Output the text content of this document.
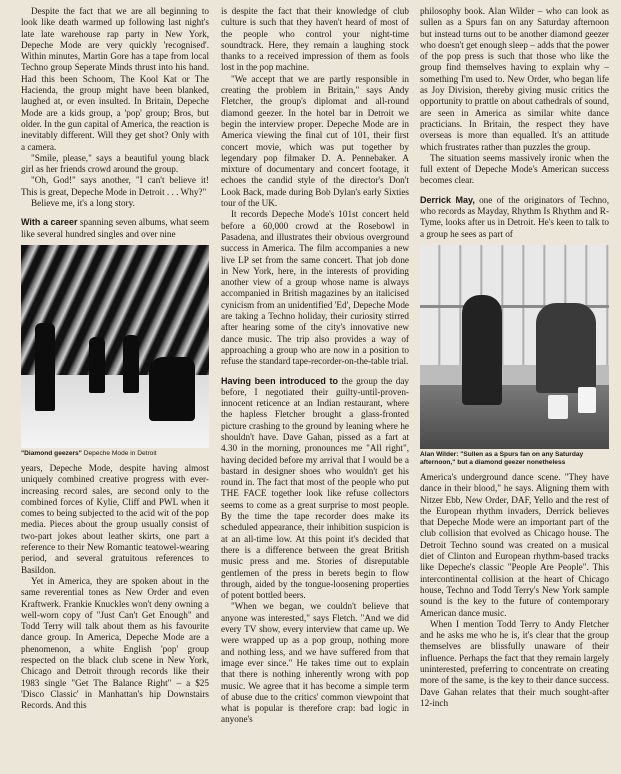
Despite the fact that we are all beginning to look like death warmed up following last night's late late warehouse rap party in New York, Depeche Mode are very quickly 'recognised'. Within minutes, Martin Gore has a tape from local Techno group Seperate Minds thrust into his hand. Had this been Schoom, The Kool Kat or The Hacienda, the group might have been blanked, laughed at, or even insulted. In Britain, Depeche Mode are a kids group, a 'pop' group; Bros, but older. In the gun capital of America, the reaction is inevitably different. Will they get shot? Only with a camera.

"Smile, please," says a beautiful young black girl as her friends crowd around the group.

"Oh, God!" says another, "I can't believe it! This is great, Depeche Mode in Detroit . . . Why?"

Believe me, it's a long story.

With a career spanning seven albums, what seem like several hundred singles and over nine

"Diamond geezers" Depeche Mode in Detroit

years, Depeche Mode, despite having almost uniquely combined creative progress with ever-increasing record sales, are second only to the combined forces of Kylie, Cliff and PWL when it comes to being subjected to the acid wit of the pop media. Pieces about the group usually consist of two-part jokes about leather skirts, one part a reference to their New Romantic teatowel-wearing period, and several gratuitous references to Basildon.

Yet in America, they are spoken about in the same reverential tones as New Order and even Kraftwerk. Frankie Knuckles won't deny owning a well-worn copy of "Just Can't Get Enough" and Todd Terry will talk about them as his favourite dance group. In America, Depeche Mode are a phenomenon, a white English 'pop' group respected on the black club scene in New York, Chicago and Detroit through records like their 1983 single "Get The Balance Right" – a $25 'Disco Classic' in Manhattan's hip Downstairs Records. And this

is despite the fact that their knowledge of club culture is such that they haven't heard of most of the people who control your night-time soundtrack. Here, they remain a laughing stock thanks to a received impression of them as fools lost in the pop machine.

"We accept that we are partly responsible in creating the problem in Britain," says Andy Fletcher, the group's diplomat and all-round diamond geezer. In the hotel bar in Detroit we begin the interview proper. Depeche Mode are in America viewing the final cut of 101, their first concert movie, which was put together by legendary pop filmaker D. A. Pennebaker. A mixture of documentary and concert footage, it echoes the candid style of the director's Don't Look Back, made during Bob Dylan's early Sixties tour of the UK.

It records Depeche Mode's 101st concert held before a 60,000 crowd at the Rosebowl in Pasadena, and illustrates their obvious overground success in America. The film accompanies a new live LP set from the same concert. That job done in New York, here, in the interests of providing another view of a group whose name is always accompanied in British magazines by an italicised cynicism from an unidentified 'Ed', Depeche Mode are taking a Techno holiday, their curiosity stirred after hearing some of the city's innovative new dance music. The trip also provides a way of approaching a group who are now in a position to refuse the standard tape-recorder-on-the-table trial.

Having been introduced to the group the day before, I negotiated their guilty-until-proven-innocent reticence at an Indian restaurant, where the hapless Fletcher brought a glass-fronted picture crashing to the ground by leaning where he shouldn't have. Dave Gahan, pissed as a fart at 4.30 in the morning, pronounces me "All right", having decided before my arrival that I would be a bastard in designer shoes who wouldn't get his round in. The fact that most of the people who put THE FACE together look like refuse collectors seems to come as a great surprise to most people. By the time the tape recorder does make its scheduled appearance, their inhibition suspicion is at an all-time low. At this point it's decided that there is a difference between the great British music press and me. Stories of disreputable gentlemen of the press in berets begin to flow through, aided by the tongue-loosening properties of potent bottled beers.

"When we began, we couldn't believe that anyone was interested," says Fletch. "And we did every TV show, every interview that came up. We were wrapped up as a pop group, nothing more and nothing less, and we have suffered from that image ever since." He takes time out to explain that there is nothing inherently wrong with pop music. We agree that it has become a simple term of abuse due to the critics' common viewpoint that what is popular is therefore crap: bad logic in anyone's

philosophy book. Alan Wilder – who can look as sullen as a Spurs fan on any Saturday afternoon but instead turns out to be another diamond geezer who doesn't get enough sleep – adds that the power of the pop press is such that those who like the group find themselves having to explain why – something I'm used to. New Order, who began life as Joy Division, thereby giving music critics the opportunity to prattle on about cathedrals of sound, are seen in America as similar white dance practicians. In Britain, the respect they have overseas is more than equalled. It's an attitude which frustrates rather than puzzles the group.

The situation seems massively ironic when the full extent of Depeche Mode's American success becomes clear.

Derrick May, one of the originators of Techno, who records as Mayday, Rhythm Is Rhythm and R-Tyme, looks after us in Detroit. He's keen to talk to a group he sees as part of

Alan Wilder: "Sullen as a Spurs fan on any Saturday afternoon," but a diamond geezer nonetheless

America's underground dance scene. "They have dance in their blood," he says. Aligning them with Nitzer Ebb, New Order, DAF, Yello and the rest of the European rhythm invaders, Derrick believes that Depeche Mode were an important part of the club collision that evolved as Chicago house. The Detroit Techno sound was created on a musical diet of Clinton and European rhythm-based tracks like Depeche's classic "People Are People". This intercontinental collision at the heart of Chicago house, Techno and Todd Terry's New York sample sound is the key to the future of contemporary American dance music.

When I mention Todd Terry to Andy Fletcher and he asks me who he is, it's clear that the group themselves are blissfully unaware of their influence. Perhaps the fact that they remain largely uninterested, preferring to concentrate on creating more of the same, is the key to their dance success. Dave Gahan relates that their much sought-after 12-inch
